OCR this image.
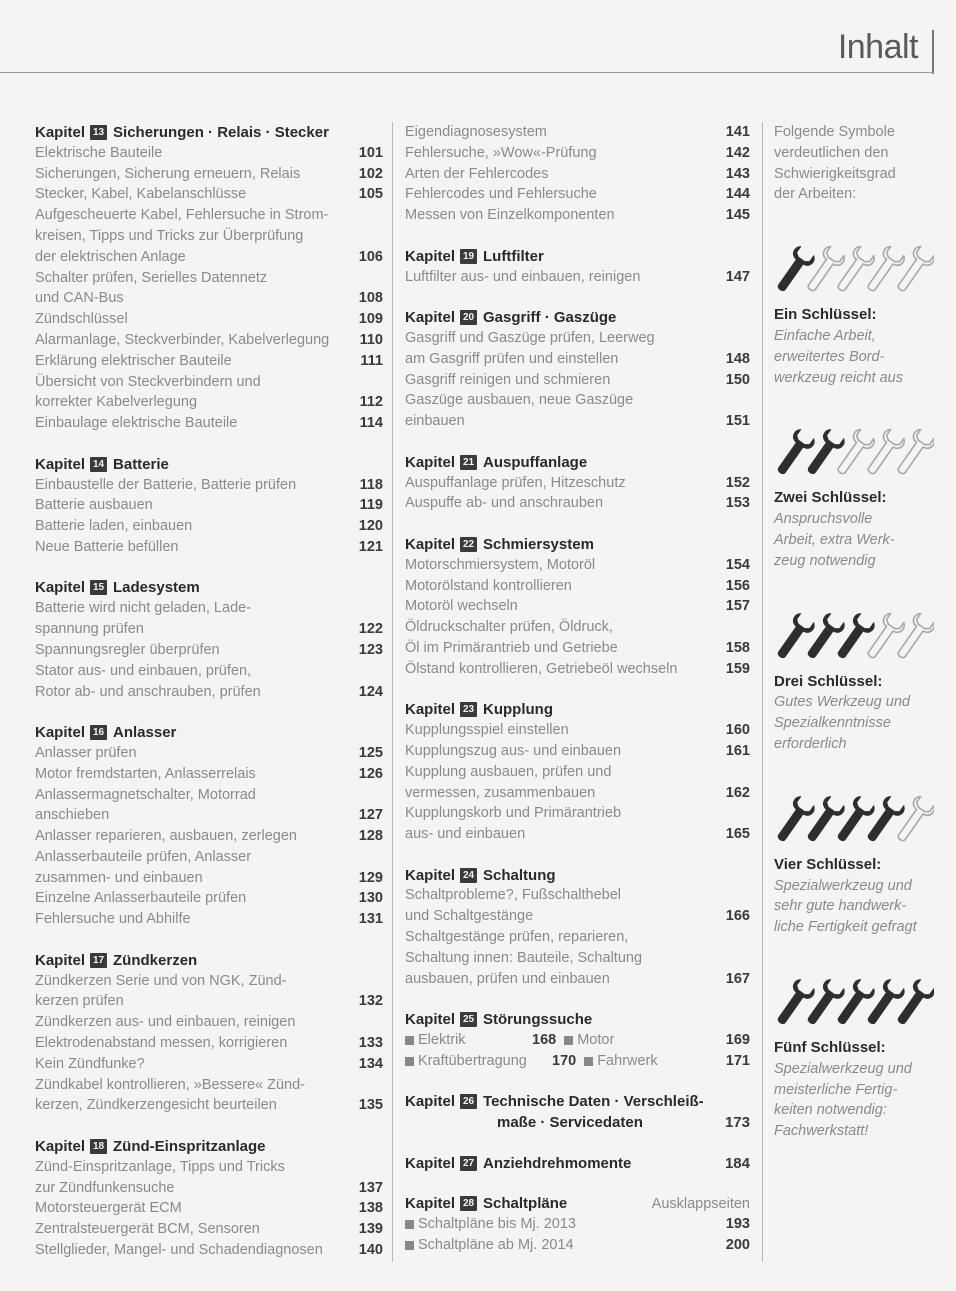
Inhalt
Kapitel 13 Sicherungen · Relais · Stecker
Elektrische Bauteile	101
Sicherungen, Sicherung erneuern, Relais	102
Stecker, Kabel, Kabelanschlüsse	105
Aufgescheuerte Kabel, Fehlersuche in Strom-
kreisen, Tipps und Tricks zur Überprüfung
der elektrischen Anlage	106
Schalter prüfen, Serielles Datennetz
und CAN-Bus	108
Zündschlüssel	109
Alarmanlage, Steckverbinder, Kabelverlegung	110
Erklärung elektrischer Bauteile	111
Übersicht von Steckverbindern und
korrekter Kabelverlegung	112
Einbaulage elektrische Bauteile	114
Kapitel 14 Batterie
Einbaustelle der Batterie, Batterie prüfen	118
Batterie ausbauen	119
Batterie laden, einbauen	120
Neue Batterie befüllen	121
Kapitel 15 Ladesystem
Batterie wird nicht geladen, Lade-
spannung prüfen	122
Spannungsregler überprüfen	123
Stator aus- und einbauen, prüfen,
Rotor ab- und anschrauben, prüfen	124
Kapitel 16 Anlasser
Anlasser prüfen	125
Motor fremdstarten, Anlasserrelais	126
Anlassermagnetschalter, Motorrad
anschieben	127
Anlasser reparieren, ausbauen, zerlegen	128
Anlasserbauteile prüfen, Anlasser
zusammen- und einbauen	129
Einzelne Anlasserbauteile prüfen	130
Fehlersuche und Abhilfe	131
Kapitel 17 Zündkerzen
Zündkerzen Serie und von NGK, Zünd-
kerzen prüfen	132
Zündkerzen aus- und einbauen, reinigen
Elektrodenabstand messen, korrigieren	133
Kein Zündfunke?	134
Zündkabel kontrollieren, »Bessere« Zünd-
kerzen, Zündkerzengesicht beurteilen	135
Kapitel 18 Zünd-Einspritzanlage
Zünd-Einspritzanlage, Tipps und Tricks
zur Zündfunkensuche	137
Motorsteuergerät ECM	138
Zentralsteuergerät BCM, Sensoren	139
Stellglieder, Mangel- und Schadendiagnosen	140
Eigendiagnosesystem	141
Fehlersuche, »Wow«-Prüfung	142
Arten der Fehlercodes	143
Fehlercodes und Fehlersuche	144
Messen von Einzelkomponenten	145
Kapitel 19 Luftfilter
Luftfilter aus- und einbauen, reinigen	147
Kapitel 20 Gasgriff · Gaszüge
Gasgriff und Gaszüge prüfen, Leerweg
am Gasgriff prüfen und einstellen	148
Gasgriff reinigen und schmieren	150
Gaszüge ausbauen, neue Gaszüge
einbauen	151
Kapitel 21 Auspuffanlage
Auspuffanlage prüfen, Hitzeschutz	152
Auspuffe ab- und anschrauben	153
Kapitel 22 Schmiersystem
Motorschmiersystem, Motoröl	154
Motorölstand kontrollieren	156
Motoröl wechseln	157
Öldruckschalter prüfen, Öldruck,
Öl im Primärantrieb und Getriebe	158
Ölstand kontrollieren, Getriebeöl wechseln	159
Kapitel 23 Kupplung
Kupplungsspiel einstellen	160
Kupplungszug aus- und einbauen	161
Kupplung ausbauen, prüfen und
vermessen, zusammenbauen	162
Kupplungskorb und Primärantrieb
aus- und einbauen	165
Kapitel 24 Schaltung
Schaltprobleme?, Fußschalthebel
und Schaltgestänge	166
Schaltgestänge prüfen, reparieren,
Schaltung innen: Bauteile, Schaltung
ausbauen, prüfen und einbauen	167
Kapitel 25 Störungssuche
Elektrik	168 Motor	169
Kraftübertragung	170 Fahrwerk	171
Kapitel 26 Technische Daten · Verschleiß-
maße · Servicedaten	173
Kapitel 27 Anziehdrehmomente	184
Kapitel 28 Schaltpläne	Ausklappseiten
Schaltpläne bis Mj. 2013	193
Schaltpläne ab Mj. 2014	200
Folgende Symbole
verdeutlichen den
Schwierigkeitsgrad
der Arbeiten:
Ein Schlüssel:
Einfache Arbeit,
erweitertes Bord-
werkzeug reicht aus
Zwei Schlüssel:
Anspruchsvolle
Arbeit, extra Werk-
zeug notwendig
Drei Schlüssel:
Gutes Werkzeug und
Spezialkenntnisse
erforderlich
Vier Schlüssel:
Spezialwerkzeug und
sehr gute handwerk-
liche Fertigkeit gefragt
Fünf Schlüssel:
Spezialwerkzeug und
meisterliche Fertig-
keiten notwendig:
Fachwerkstatt!
